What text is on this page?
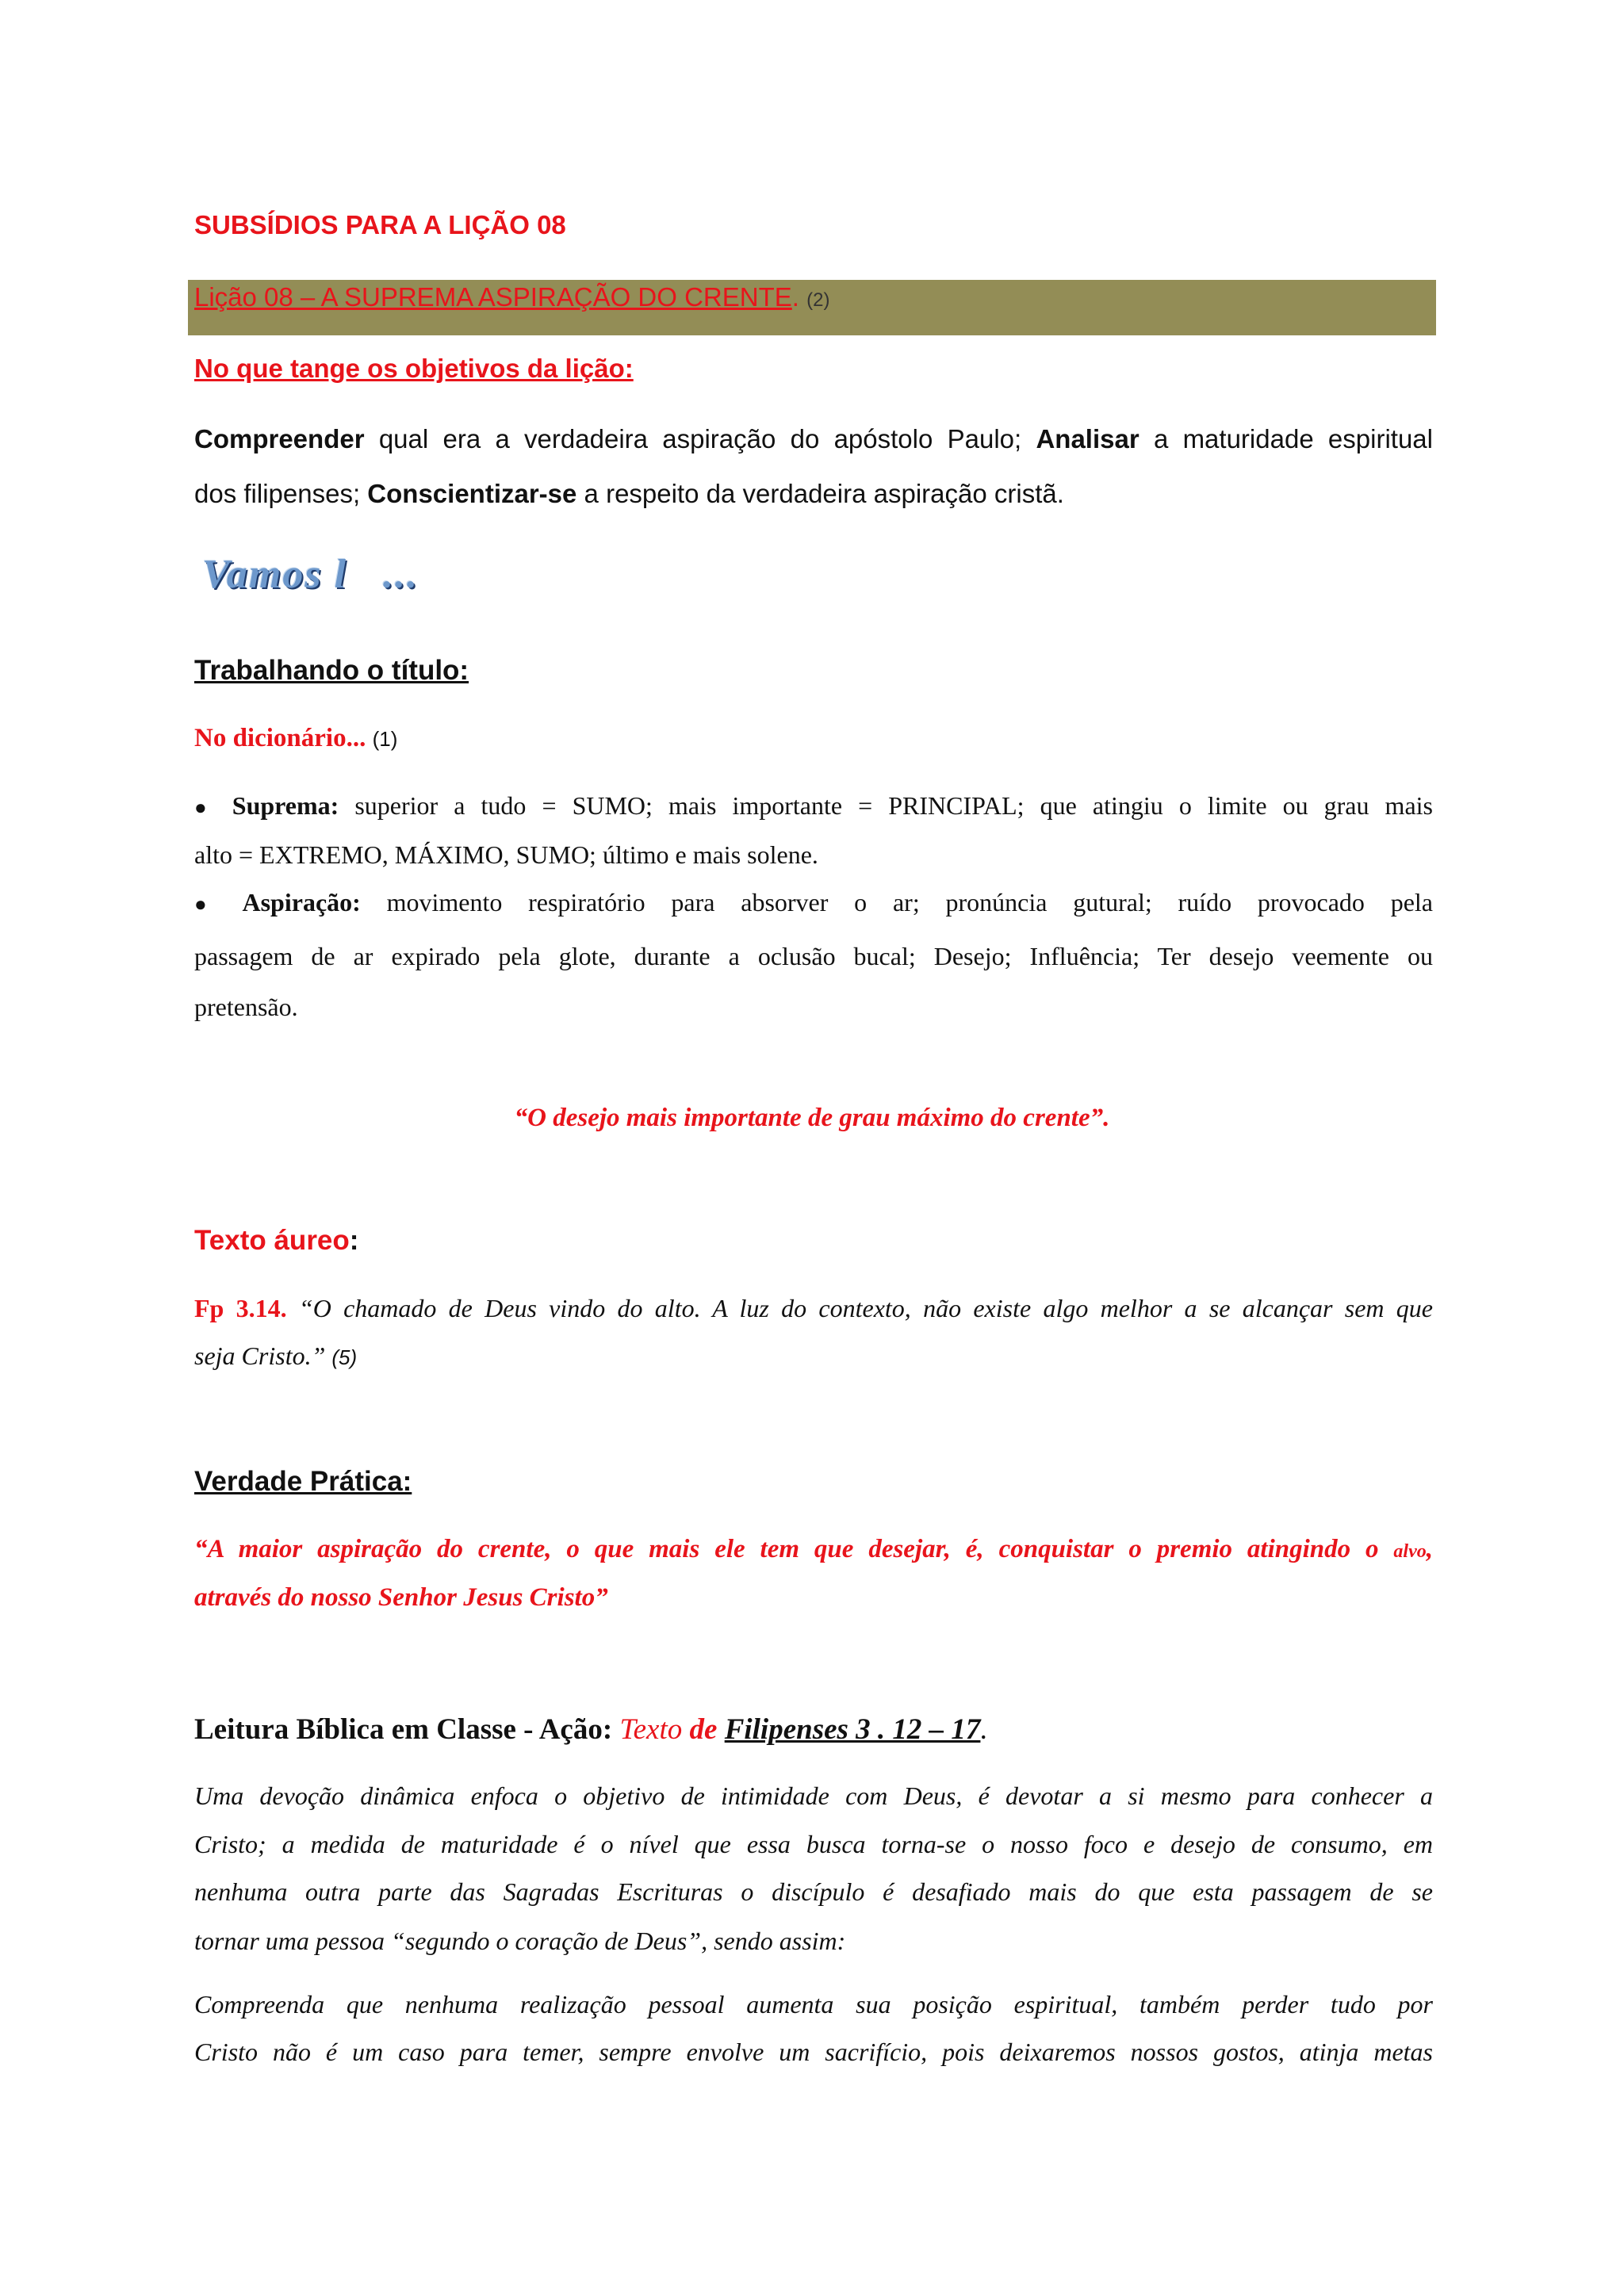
SUBSÍDIOS PARA A LIÇÃO 08
Lição 08 – A SUPREMA ASPIRAÇÃO DO CRENTE. (2)
No que tange os objetivos da lição:
Compreender qual era a verdadeira aspiração do apóstolo Paulo; Analisar a maturidade espiritual
dos filipenses; Conscientizar-se a respeito da verdadeira aspiração cristã.
Vamos l   ...
Trabalhando o título:
No dicionário... (1)
● Suprema: superior a tudo = SUMO; mais importante = PRINCIPAL; que atingiu o limite ou grau mais
alto = EXTREMO, MÁXIMO, SUMO; último e mais solene.
● Aspiração: movimento respiratório para absorver o ar; pronúncia gutural; ruído provocado pela
passagem de ar expirado pela glote, durante a oclusão bucal; Desejo; Influência; Ter desejo veemente ou
pretensão.
“O desejo mais importante de grau máximo do crente”.
Texto áureo:
Fp 3.14. “O chamado de Deus vindo do alto. A luz do contexto, não existe algo melhor a se alcançar sem que
seja Cristo.” (5)
Verdade Prática:
“A maior aspiração do crente, o que mais ele tem que desejar, é, conquistar o premio atingindo o alvo,
através do nosso Senhor Jesus Cristo”
Leitura Bíblica em Classe - Ação: Texto de Filipenses 3 . 12 – 17.
Uma devoção dinâmica enfoca o objetivo de intimidade com Deus, é devotar a si mesmo para conhecer a
Cristo; a medida de maturidade é o nível que essa busca torna-se o nosso foco e desejo de consumo, em
nenhuma outra parte das Sagradas Escrituras o discípulo é desafiado mais do que esta passagem de se
tornar uma pessoa “segundo o coração de Deus”, sendo assim:
Compreenda que nenhuma realização pessoal aumenta sua posição espiritual, também perder tudo por
Cristo não é um caso para temer, sempre envolve um sacrifício, pois deixaremos nossos gostos, atinja metas
